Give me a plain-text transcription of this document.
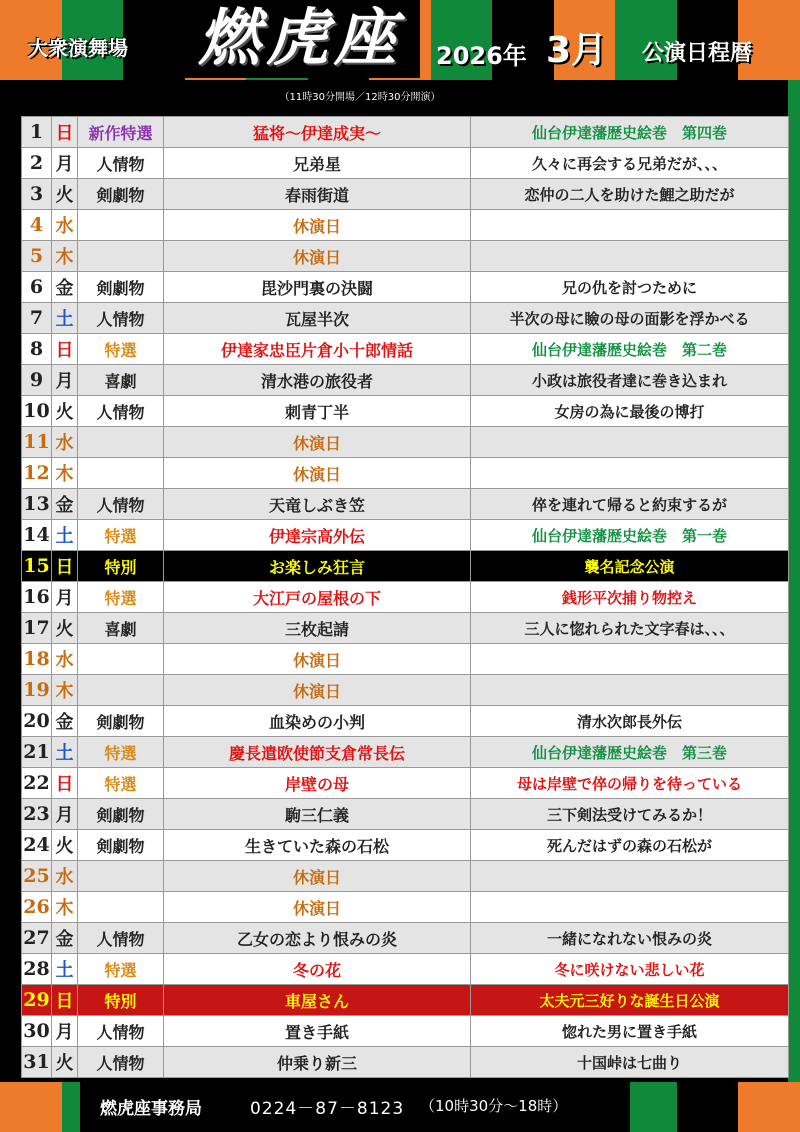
大衆演舞場 燃虎座	2026年 3月 公演日程暦
（11時30分開場／12時30分開演）
1	日	新作特選	猛将～伊達成実～	仙台伊達藩歴史絵巻　第四巻
2	月	人情物	兄弟星	久々に再会する兄弟だが、、、
3	火	剣劇物	春雨街道	恋仲の二人を助けた鯉之助だが
4	水		休演日	
5	木		休演日	
6	金	剣劇物	毘沙門裏の決闘	兄の仇を討つために
7	土	人情物	瓦屋半次	半次の母に瞼の母の面影を浮かべる
8	日	特選	伊達家忠臣片倉小十郎情話	仙台伊達藩歴史絵巻　第二巻
9	月	喜劇	清水港の旅役者	小政は旅役者達に巻き込まれ
10	火	人情物	刺青丁半	女房の為に最後の博打
11	水		休演日	
12	木		休演日	
13	金	人情物	天竜しぶき笠	倅を連れて帰ると約束するが
14	土	特選	伊達宗高外伝	仙台伊達藩歴史絵巻　第一巻
15	日	特別	お楽しみ狂言	襲名記念公演
16	月	特選	大江戸の屋根の下	銭形平次捕り物控え
17	火	喜劇	三枚起請	三人に惚れられた文字春は、、、
18	水		休演日	
19	木		休演日	
20	金	剣劇物	血染めの小判	清水次郎長外伝
21	土	特選	慶長遣欧使節支倉常長伝	仙台伊達藩歴史絵巻　第三巻
22	日	特選	岸壁の母	母は岸壁で倅の帰りを待っている
23	月	剣劇物	駒三仁義	三下剣法受けてみるか！
24	火	剣劇物	生きていた森の石松	死んだはずの森の石松が
25	水		休演日	
26	木		休演日	
27	金	人情物	乙女の恋より恨みの炎	一緒になれない恨みの炎
28	土	特選	冬の花	冬に咲けない悲しい花
29	日	特別	車屋さん	太夫元三好りな誕生日公演
30	月	人情物	置き手紙	惚れた男に置き手紙
31	火	人情物	仲乗り新三	十国峠は七曲り
燃虎座事務局	0224－87－8123 （10時30分～18時）
